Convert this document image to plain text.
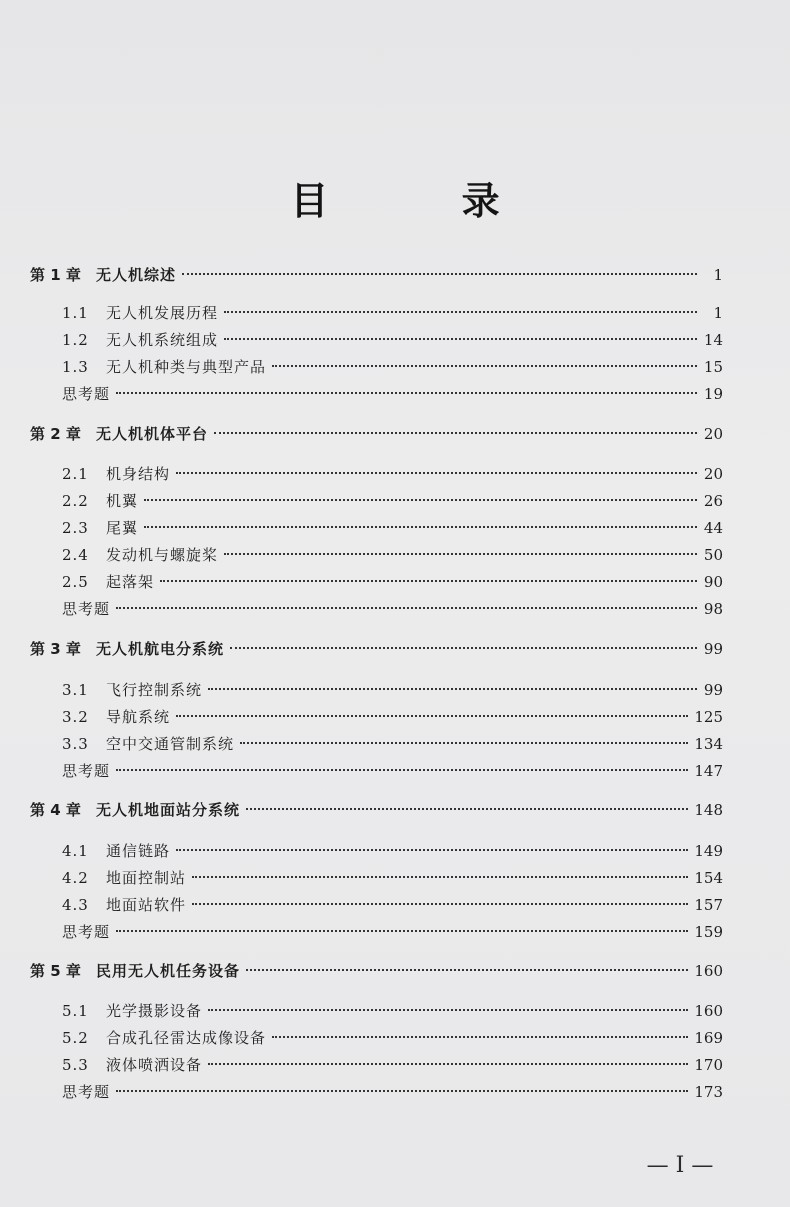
目 录
第 1 章	无人机综述	1
1.1	无人机发展历程	1
1.2	无人机系统组成	14
1.3	无人机种类与典型产品	15
思考题	19
第 2 章	无人机机体平台	20
2.1	机身结构	20
2.2	机翼	26
2.3	尾翼	44
2.4	发动机与螺旋桨	50
2.5	起落架	90
思考题	98
第 3 章	无人机航电分系统	99
3.1	飞行控制系统	99
3.2	导航系统	125
3.3	空中交通管制系统	134
思考题	147
第 4 章	无人机地面站分系统	148
4.1	通信链路	149
4.2	地面控制站	154
4.3	地面站软件	157
思考题	159
第 5 章	民用无人机任务设备	160
5.1	光学摄影设备	160
5.2	合成孔径雷达成像设备	169
5.3	液体喷洒设备	170
思考题	173
— I —
